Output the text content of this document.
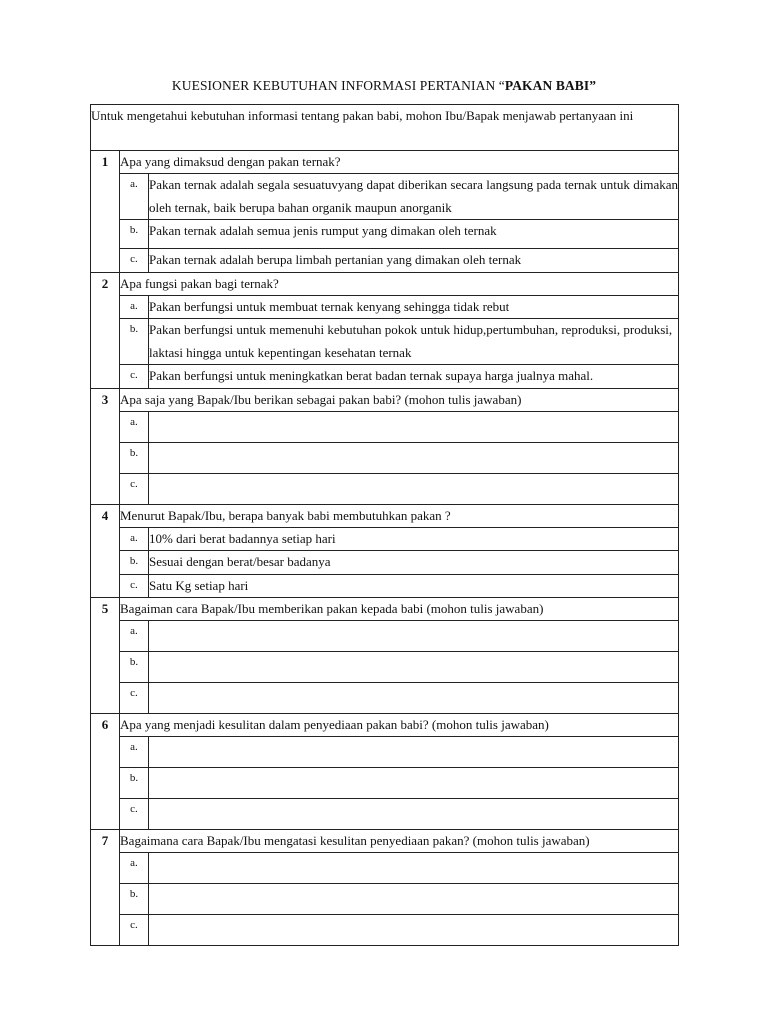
KUESIONER KEBUTUHAN INFORMASI PERTANIAN “PAKAN BABI”
Untuk mengetahui kebutuhan informasi tentang pakan babi, mohon Ibu/Bapak menjawab pertanyaan ini		
1	Apa yang dimaksud dengan pakan ternak?	
	a.	Pakan ternak adalah segala sesuatuvyang dapat diberikan secara langsung pada ternak untuk dimakan oleh ternak, baik berupa bahan organik maupun anorganik
	b.	Pakan ternak adalah semua jenis rumput yang dimakan oleh ternak
	c.	Pakan ternak adalah berupa limbah pertanian yang dimakan oleh ternak
2	Apa fungsi pakan bagi ternak?	
	a.	Pakan berfungsi untuk membuat ternak kenyang sehingga tidak rebut
	b.	Pakan berfungsi untuk memenuhi kebutuhan pokok untuk hidup,pertumbuhan, reproduksi, produksi, laktasi hingga untuk kepentingan kesehatan ternak
	c.	Pakan berfungsi untuk meningkatkan berat badan ternak supaya harga jualnya mahal.
3	Apa saja yang Bapak/Ibu berikan sebagai pakan babi? (mohon tulis jawaban)	
	a.	
	b.	
	c.	
4	Menurut Bapak/Ibu, berapa banyak babi membutuhkan pakan ?	
	a.	10% dari berat badannya setiap hari
	b.	Sesuai dengan berat/besar badanya
	c.	Satu Kg setiap hari
5	Bagaiman cara Bapak/Ibu memberikan pakan kepada babi (mohon tulis jawaban)	
	a.	
	b.	
	c.	
6	Apa yang menjadi kesulitan dalam penyediaan pakan babi? (mohon tulis jawaban)	
	a.	
	b.	
	c.	
7	Bagaimana cara Bapak/Ibu mengatasi kesulitan penyediaan pakan? (mohon tulis jawaban)	
	a.	
	b.	
	c.	
